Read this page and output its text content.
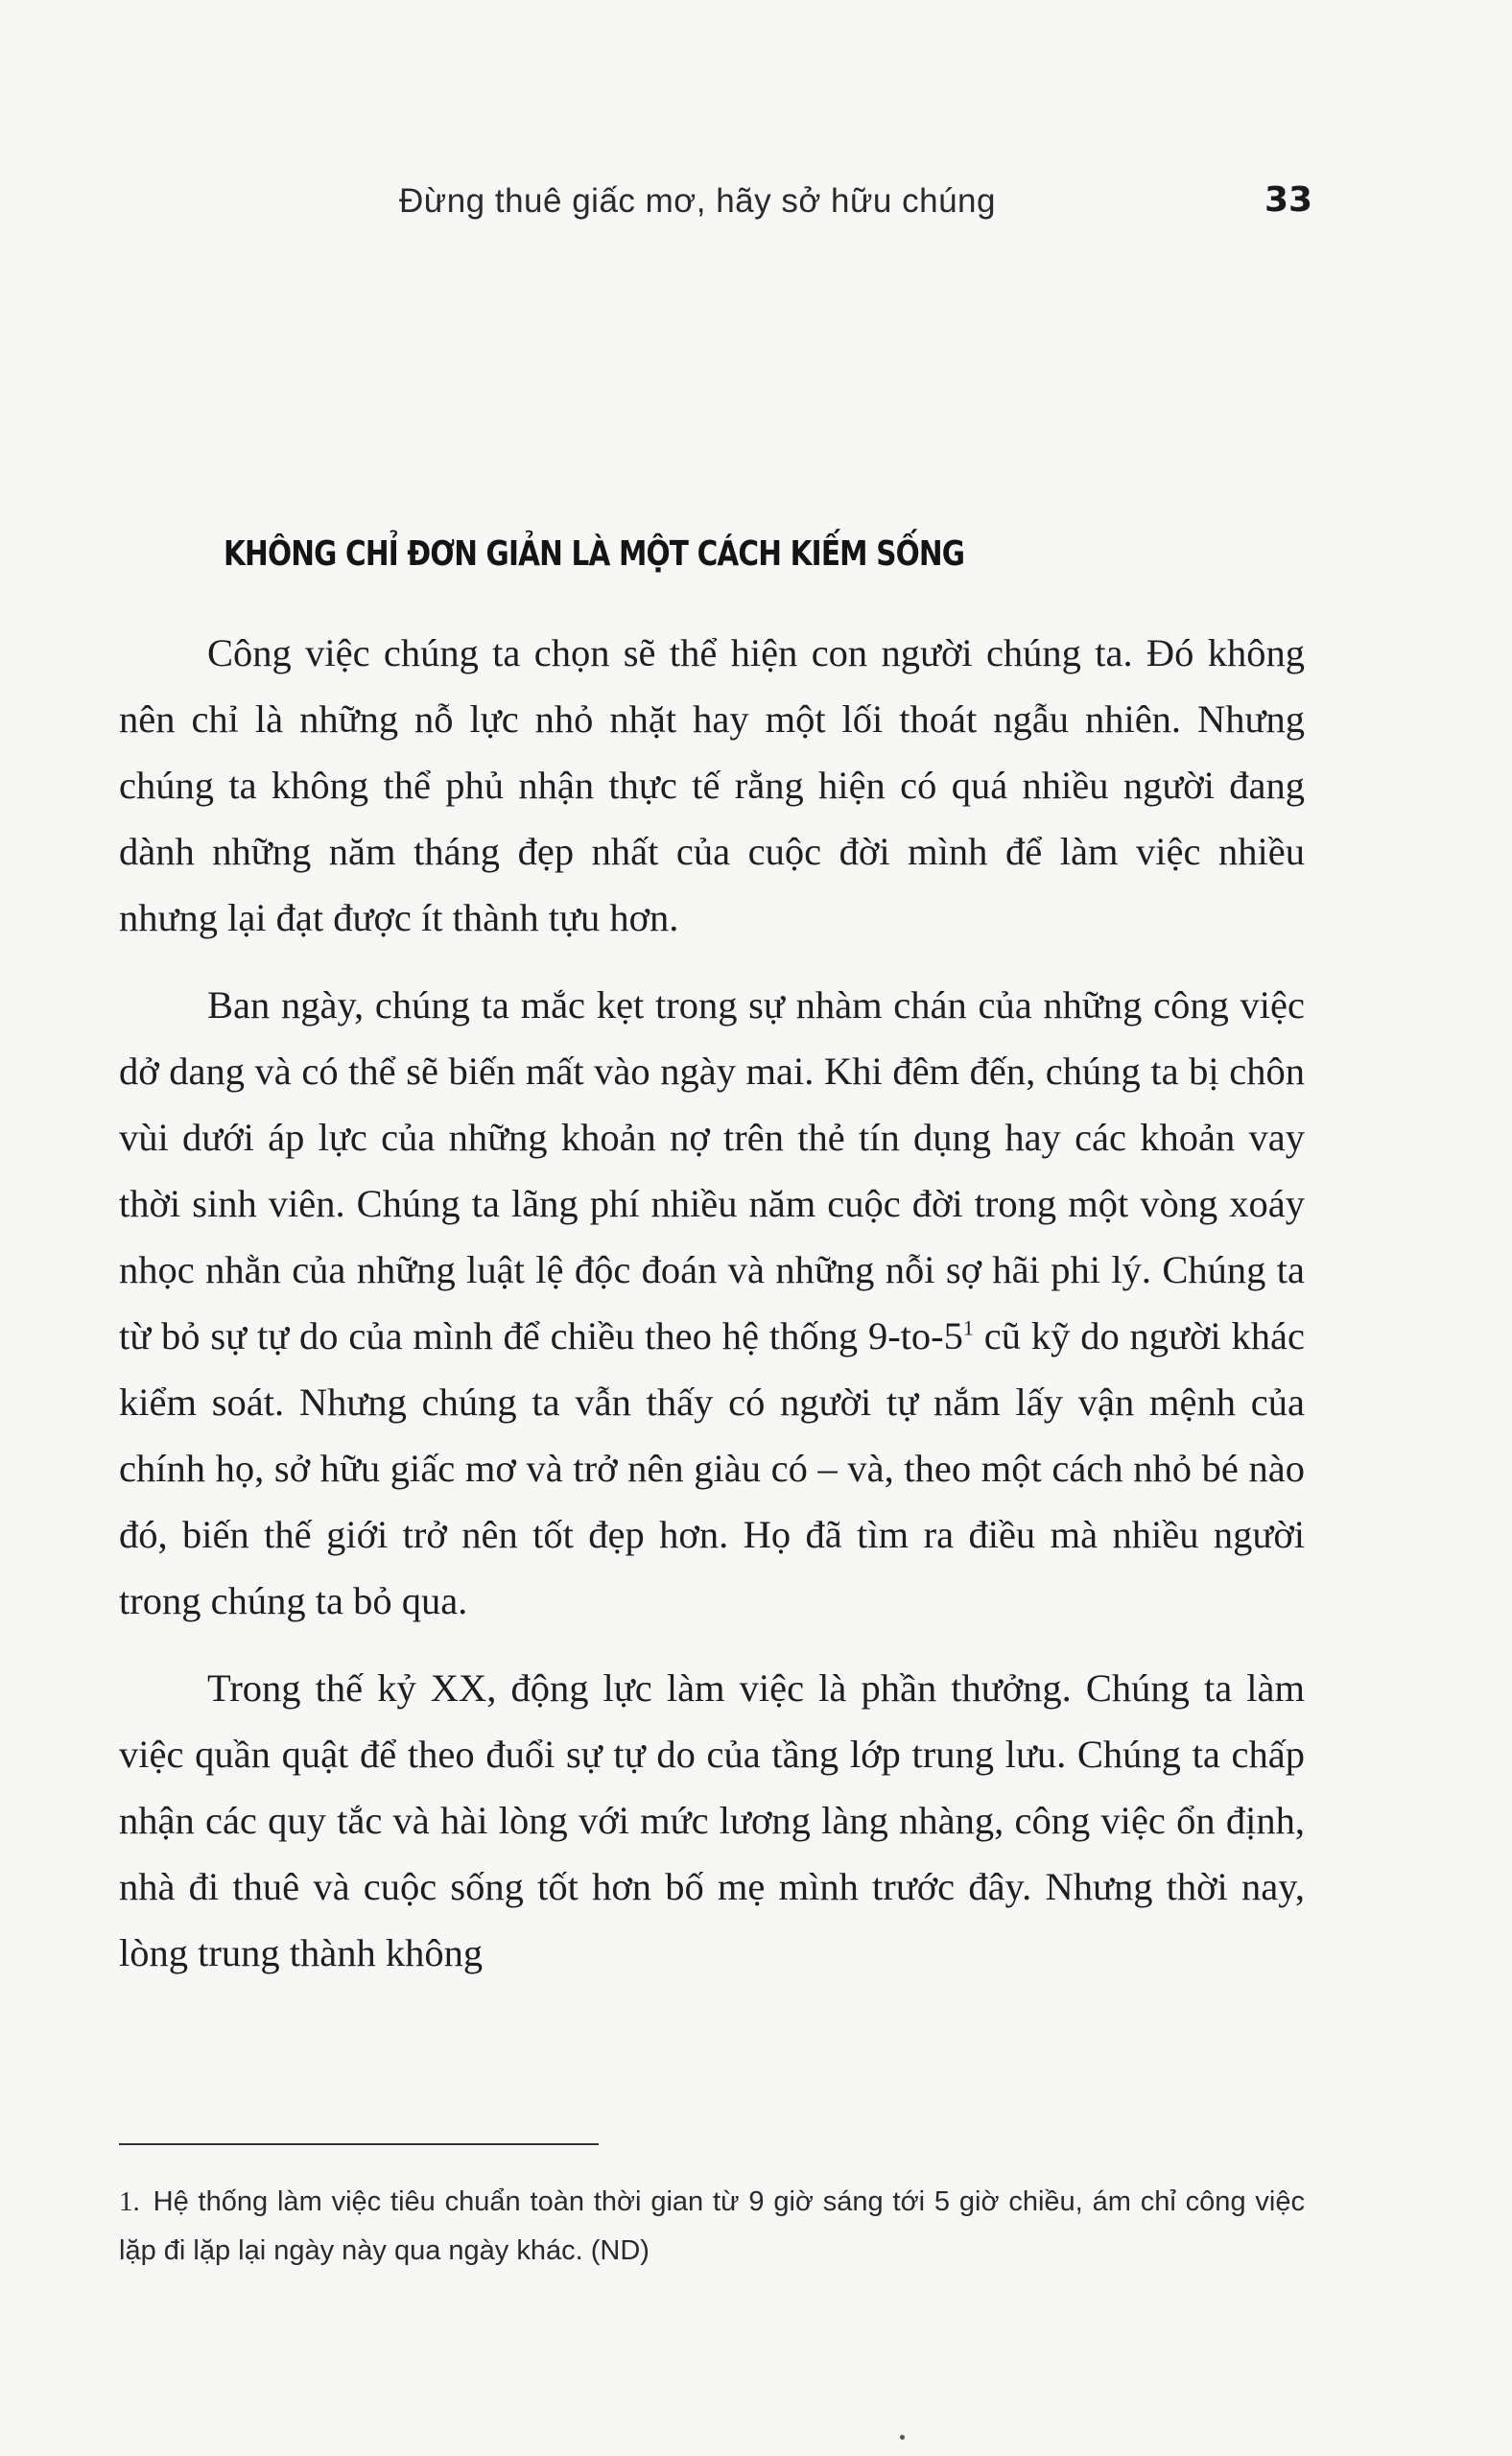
Đừng thuê giấc mơ, hãy sở hữu chúng	33
KHÔNG CHỈ ĐƠN GIẢN LÀ MỘT CÁCH KIẾM SỐNG

Công việc chúng ta chọn sẽ thể hiện con người chúng ta. Đó không nên chỉ là những nỗ lực nhỏ nhặt hay một lối thoát ngẫu nhiên. Nhưng chúng ta không thể phủ nhận thực tế rằng hiện có quá nhiều người đang dành những năm tháng đẹp nhất của cuộc đời mình để làm việc nhiều nhưng lại đạt được ít thành tựu hơn.

Ban ngày, chúng ta mắc kẹt trong sự nhàm chán của những công việc dở dang và có thể sẽ biến mất vào ngày mai. Khi đêm đến, chúng ta bị chôn vùi dưới áp lực của những khoản nợ trên thẻ tín dụng hay các khoản vay thời sinh viên. Chúng ta lãng phí nhiều năm cuộc đời trong một vòng xoáy nhọc nhằn của những luật lệ độc đoán và những nỗi sợ hãi phi lý. Chúng ta từ bỏ sự tự do của mình để chiều theo hệ thống 9-to-5$^1$ cũ kỹ do người khác kiểm soát. Nhưng chúng ta vẫn thấy có người tự nắm lấy vận mệnh của chính họ, sở hữu giấc mơ và trở nên giàu có – và, theo một cách nhỏ bé nào đó, biến thế giới trở nên tốt đẹp hơn. Họ đã tìm ra điều mà nhiều người trong chúng ta bỏ qua.

Trong thế kỷ XX, động lực làm việc là phần thưởng. Chúng ta làm việc quần quật để theo đuổi sự tự do của tầng lớp trung lưu. Chúng ta chấp nhận các quy tắc và hài lòng với mức lương làng nhàng, công việc ổn định, nhà đi thuê và cuộc sống tốt hơn bố mẹ mình trước đây. Nhưng thời nay, lòng trung thành không

1. Hệ thống làm việc tiêu chuẩn toàn thời gian từ 9 giờ sáng tới 5 giờ chiều, ám chỉ công việc lặp đi lặp lại ngày này qua ngày khác. (ND)
